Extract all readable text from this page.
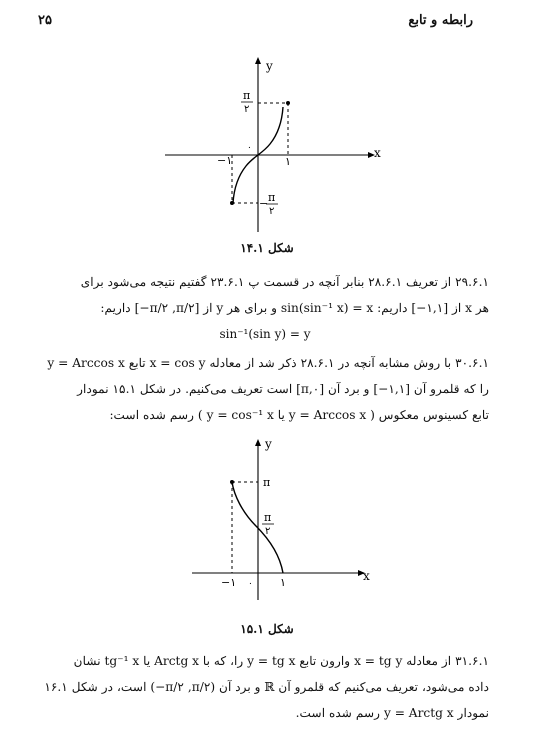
رابطه و تابع
۲۵
x
y
π
۲
− π
۲
−۱	۱
۰
x
y
π
π
۲
−۱ ۰ ۱
شکل ۱۴.۱
۲۹.۶.۱ از تعریف ۲۸.۶.۱ بنابر آنچه در قسمت پ ۲۳.۶.۱ گفتیم نتیجه می‌شود برای
هر x از [۱,۱−] داریم: sin(sin⁻¹ x) = x و برای هر y از [π/۲ ,π/۲−] داریم:
sin⁻¹(sin y) = y
۳۰.۶.۱ با روش مشابه آنچه در ۲۸.۶.۱ ذکر شد از معادله x = cos y تابع y = Arccos x
را که قلمرو آن [۱,۱−] و برد آن [۰,π] است تعریف می‌کنیم. در شکل ۱۵.۱ نمودار
تابع کسینوس معکوس ( y = Arccos x یا y = cos⁻¹ x ) رسم شده است:
شکل ۱۵.۱
۳۱.۶.۱ از معادله x = tg y وارون تابع y = tg x را، که با Arctg x یا tg⁻¹ x نشان
داده می‌شود، تعریف می‌کنیم که قلمرو آن ℝ و برد آن (π/۲ ,π/۲−) است، در شکل ۱۶.۱
نمودار y = Arctg x رسم شده است.
